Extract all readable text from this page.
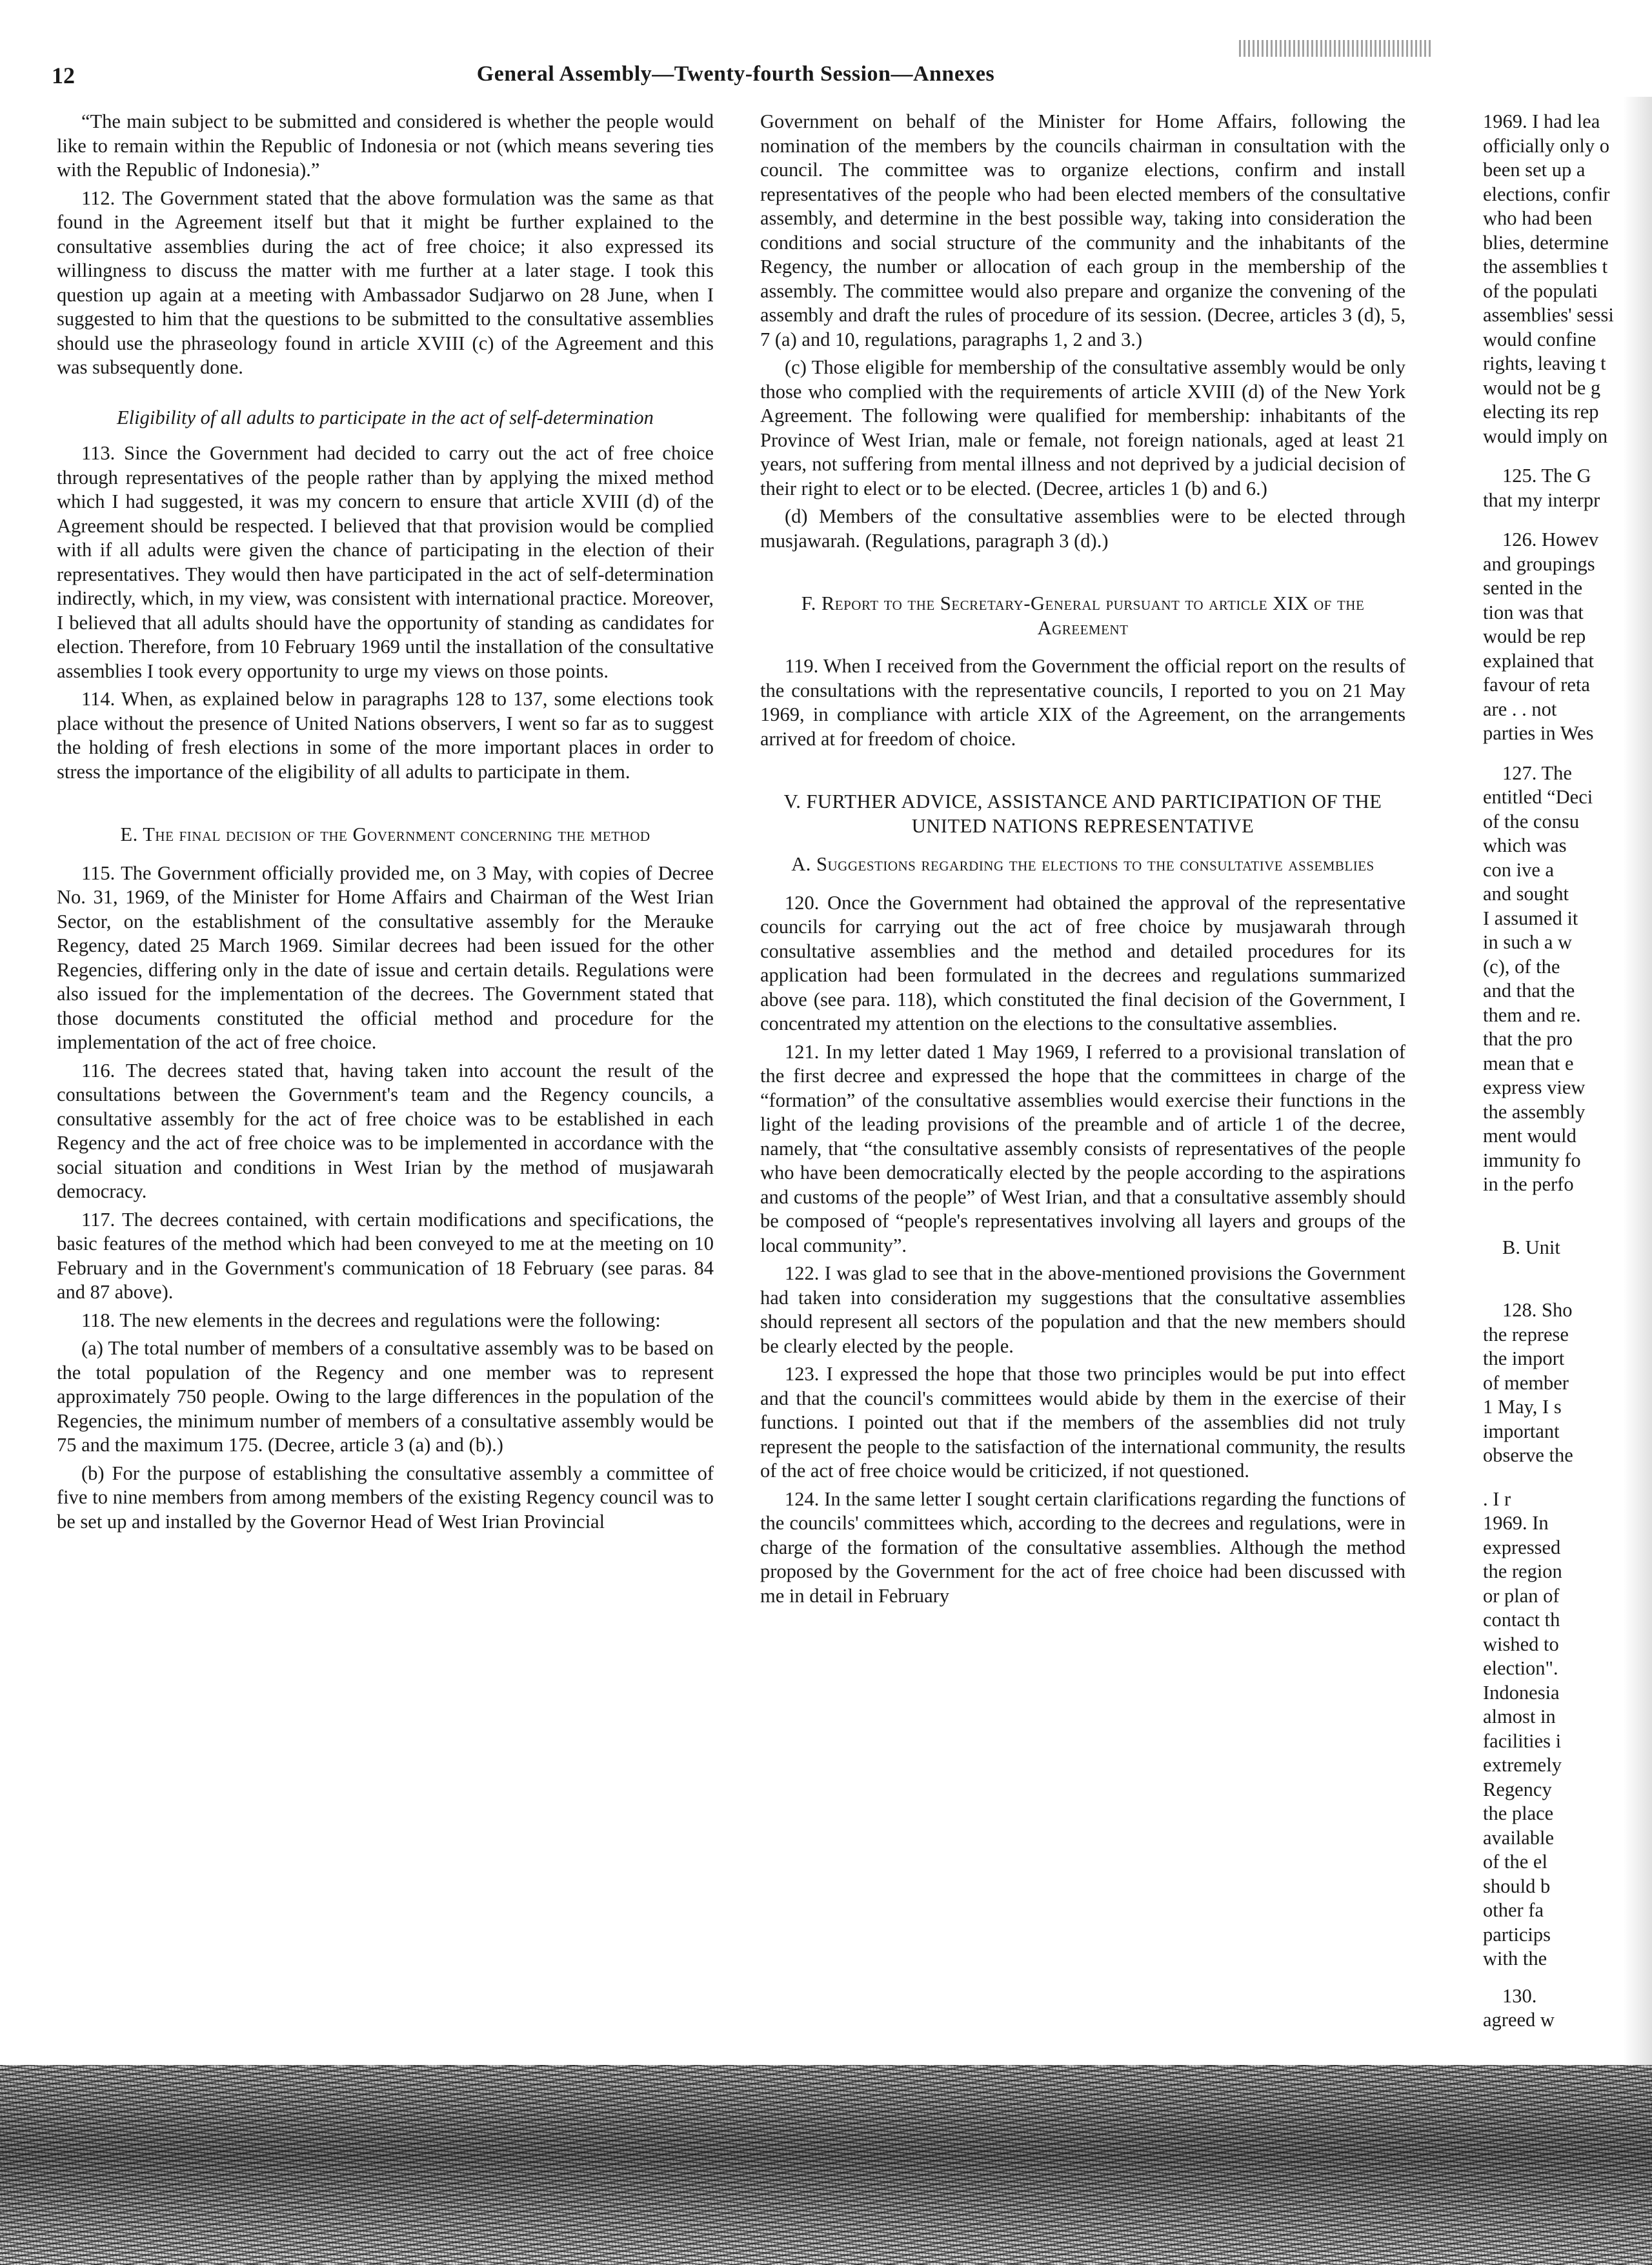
12	General Assembly—Twenty-fourth Session—Annexes

“The main subject to be submitted and considered is whether the people would like to remain within the Republic of Indonesia or not (which means severing ties with the Republic of Indonesia).”

112. The Government stated that the above formulation was the same as that found in the Agreement itself but that it might be further explained to the consultative assemblies during the act of free choice; it also expressed its willingness to discuss the matter with me further at a later stage. I took this question up again at a meeting with Ambassador Sudjarwo on 28 June, when I suggested to him that the questions to be submitted to the consultative assemblies should use the phraseology found in article XVIII (c) of the Agreement and this was subsequently done.

Eligibility of all adults to participate in the act of self-determination

113. Since the Government had decided to carry out the act of free choice through representatives of the people rather than by applying the mixed method which I had suggested, it was my concern to ensure that article XVIII (d) of the Agreement should be respected. I believed that that provision would be complied with if all adults were given the chance of participating in the election of their representatives. They would then have participated in the act of self-determination indirectly, which, in my view, was consistent with international practice. Moreover, I believed that all adults should have the opportunity of standing as candidates for election. Therefore, from 10 February 1969 until the installation of the consultative assemblies I took every opportunity to urge my views on those points.

114. When, as explained below in paragraphs 128 to 137, some elections took place without the presence of United Nations observers, I went so far as to suggest the holding of fresh elections in some of the more important places in order to stress the importance of the eligibility of all adults to participate in them.

E. The final decision of the Government concerning the method

115. The Government officially provided me, on 3 May, with copies of Decree No. 31, 1969, of the Minister for Home Affairs and Chairman of the West Irian Sector, on the establishment of the consultative assembly for the Merauke Regency, dated 25 March 1969. Similar decrees had been issued for the other Regencies, differing only in the date of issue and certain details. Regulations were also issued for the implementation of the decrees. The Government stated that those documents constituted the official method and procedure for the implementation of the act of free choice.

116. The decrees stated that, having taken into account the result of the consultations between the Government's team and the Regency councils, a consultative assembly for the act of free choice was to be established in each Regency and the act of free choice was to be implemented in accordance with the social situation and conditions in West Irian by the method of musjawarah democracy.

117. The decrees contained, with certain modifications and specifications, the basic features of the method which had been conveyed to me at the meeting on 10 February and in the Government's communication of 18 February (see paras. 84 and 87 above).

118. The new elements in the decrees and regulations were the following:

(a) The total number of members of a consultative assembly was to be based on the total population of the Regency and one member was to represent approximately 750 people. Owing to the large differences in the population of the Regencies, the minimum number of members of a consultative assembly would be 75 and the maximum 175. (Decree, article 3 (a) and (b).)

(b) For the purpose of establishing the consultative assembly a committee of five to nine members from among members of the existing Regency council was to be set up and installed by the Governor Head of West Irian Provincial

Government on behalf of the Minister for Home Affairs, following the nomination of the members by the councils chairman in consultation with the council. The committee was to organize elections, confirm and install representatives of the people who had been elected members of the consultative assembly, and determine in the best possible way, taking into consideration the conditions and social structure of the community and the inhabitants of the Regency, the number or allocation of each group in the membership of the assembly. The committee would also prepare and organize the convening of the assembly and draft the rules of procedure of its session. (Decree, articles 3 (d), 5, 7 (a) and 10, regulations, paragraphs 1, 2 and 3.)

(c) Those eligible for membership of the consultative assembly would be only those who complied with the requirements of article XVIII (d) of the New York Agreement. The following were qualified for membership: inhabitants of the Province of West Irian, male or female, not foreign nationals, aged at least 21 years, not suffering from mental illness and not deprived by a judicial decision of their right to elect or to be elected. (Decree, articles 1 (b) and 6.)

(d) Members of the consultative assemblies were to be elected through musjawarah. (Regulations, paragraph 3 (d).)

F. Report to the Secretary-General pursuant to article XIX of the Agreement

119. When I received from the Government the official report on the results of the consultations with the representative councils, I reported to you on 21 May 1969, in compliance with article XIX of the Agreement, on the arrangements arrived at for freedom of choice.

V. FURTHER ADVICE, ASSISTANCE AND PARTICIPATION OF THE UNITED NATIONS REPRESENTATIVE
A. Suggestions regarding the elections to the consultative assemblies

120. Once the Government had obtained the approval of the representative councils for carrying out the act of free choice by musjawarah through consultative assemblies and the method and detailed procedures for its application had been formulated in the decrees and regulations summarized above (see para. 118), which constituted the final decision of the Government, I concentrated my attention on the elections to the consultative assemblies.

121. In my letter dated 1 May 1969, I referred to a provisional translation of the first decree and expressed the hope that the committees in charge of the “formation” of the consultative assemblies would exercise their functions in the light of the leading provisions of the preamble and of article 1 of the decree, namely, that “the consultative assembly consists of representatives of the people who have been democratically elected by the people according to the aspirations and customs of the people” of West Irian, and that a consultative assembly should be composed of “people's representatives involving all layers and groups of the local community”.

122. I was glad to see that in the above-mentioned provisions the Government had taken into consideration my suggestions that the consultative assemblies should represent all sectors of the population and that the new members should be clearly elected by the people.

123. I expressed the hope that those two principles would be put into effect and that the council's committees would abide by them in the exercise of their functions. I pointed out that if the members of the assemblies did not truly represent the people to the satisfaction of the international community, the results of the act of free choice would be criticized, if not questioned.

124. In the same letter I sought certain clarifications regarding the functions of the councils' committees which, according to the decrees and regulations, were in charge of the formation of the consultative assemblies. Although the method proposed by the Government for the act of free choice had been discussed with me in detail in February

1969. I had lea
officially only o
been set up a
elections, confir
who had been
blies, determine
the assemblies t
of the populati
assemblies' sessi
would confine
rights, leaving t
would not be g
electing its rep
would imply on
125. The G
that my interpr
126. Howev
and groupings
sented in the
tion was that
would be rep
explained that
favour of reta
are . . not
parties in Wes
127. The
entitled “Deci
of the consu
which was
con ive a
and sought
I assumed it
in such a w
(c), of the
and that the
them and re.
that the pro
mean that e
express view
the assembly
ment would
immunity fo
in the perfo
B. Unit
128. Sho
the represe
the import
of member
1 May, I s
important
observe the
. I r
1969. In
expressed
the region
or plan of
contact th
wished to
election".
Indonesia
almost in
facilities i
extremely
Regency
the place
available
of the el
should b
other fa
particips
with the
130.
agreed w
